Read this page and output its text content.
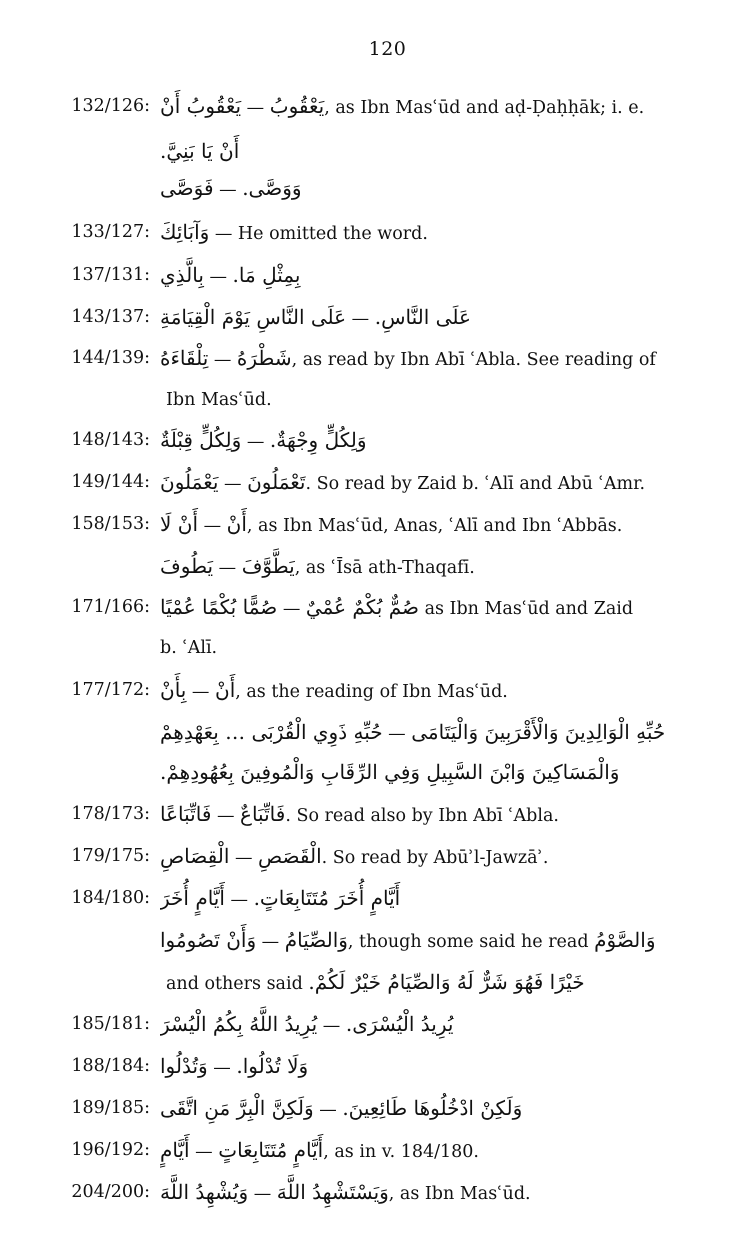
120
132/126: يَعْقُوبُ أَنْ — يَعْقُوبُ, as Ibn Masʿūd and aḍ-Ḍaḥḥāk; i. e.
أَنْ يَا بَنِيَّ.
فَوَصَّى — وَوَصَّى.
133/127: وَآبَائِكَ — He omitted the word.
137/131: بِالَّذِي — بِمِثْلِ مَا.
143/137: عَلَى النَّاسِ يَوْمَ الْقِيَامَةِ — عَلَى النَّاسِ.
144/139: تِلْقَاءَهُ — شَطْرَهُ, as read by Ibn Abī ʿAbla. See reading of
Ibn Masʿūd.
148/143: وَلِكُلٍّ قِبْلَةٌ — وَلِكُلٍّ وِجْهَةٌ.
149/144: يَعْمَلُونَ — تَعْمَلُونَ. So read by Zaid b. ʿAlī and Abū ʿAmr.
158/153: أَنْ لَا — أَنْ, as Ibn Masʿūd, Anas, ʿAlī and Ibn ʿAbbās.
يَطُوفَ — يَطَّوَّفَ, as ʿĪsā ath-Thaqafī.
171/166: صُمًّا بُكْمًا عُمْيًا — صُمٌّ بُكْمٌ عُمْيٌ as Ibn Masʿūd and Zaid
b. ʿAlī.
177/172: بِأَنْ — أَنْ, as the reading of Ibn Masʿūd.
حُبِّهِ ذَوِي الْقُرْبَى … بِعَهْدِهِمْ — حُبِّهِ الْوَالِدِينَ وَالْأَقْرَبِينَ وَالْيَتَامَى
وَالْمَسَاكِينَ وَابْنَ السَّبِيلِ وَفِي الرِّقَابِ وَالْمُوفِينَ بِعُهُودِهِمْ.
178/173: فَاتِّبَاعًا — فَاتِّبَاعٌ. So read also by Ibn Abī ʿAbla.
179/175: الْقِصَاصِ — الْقَصَصِ. So read by Abūʾl-Jawzāʾ.
184/180: أَيَّامٍ أُخَرَ — أَيَّامٍ أُخَرَ مُتَتَابِعَاتٍ.
وَأَنْ تَصُومُوا — وَالصِّيَامُ, though some said he read وَالصَّوْمُ
and others said خَيْرًا فَهُوَ شَرٌّ لَهُ وَالصِّيَامُ خَيْرٌ لَكُمْ.
185/181: يُرِيدُ اللَّهُ بِكُمُ الْيُسْرَ — يُرِيدُ الْيُسْرَى.
188/184: وَتُدْلُوا — وَلَا تُدْلُوا.
189/185: وَلَكِنَّ الْبِرَّ مَنِ اتَّقَى — وَلَكِنْ ادْخُلُوهَا طَائِعِينَ.
196/192: أَيَّامٍ — أَيَّامٍ مُتَتَابِعَاتٍ, as in v. 184/180.
204/200: وَيُشْهِدُ اللَّهَ — وَيَسْتَشْهِدُ اللَّهَ, as Ibn Masʿūd.
